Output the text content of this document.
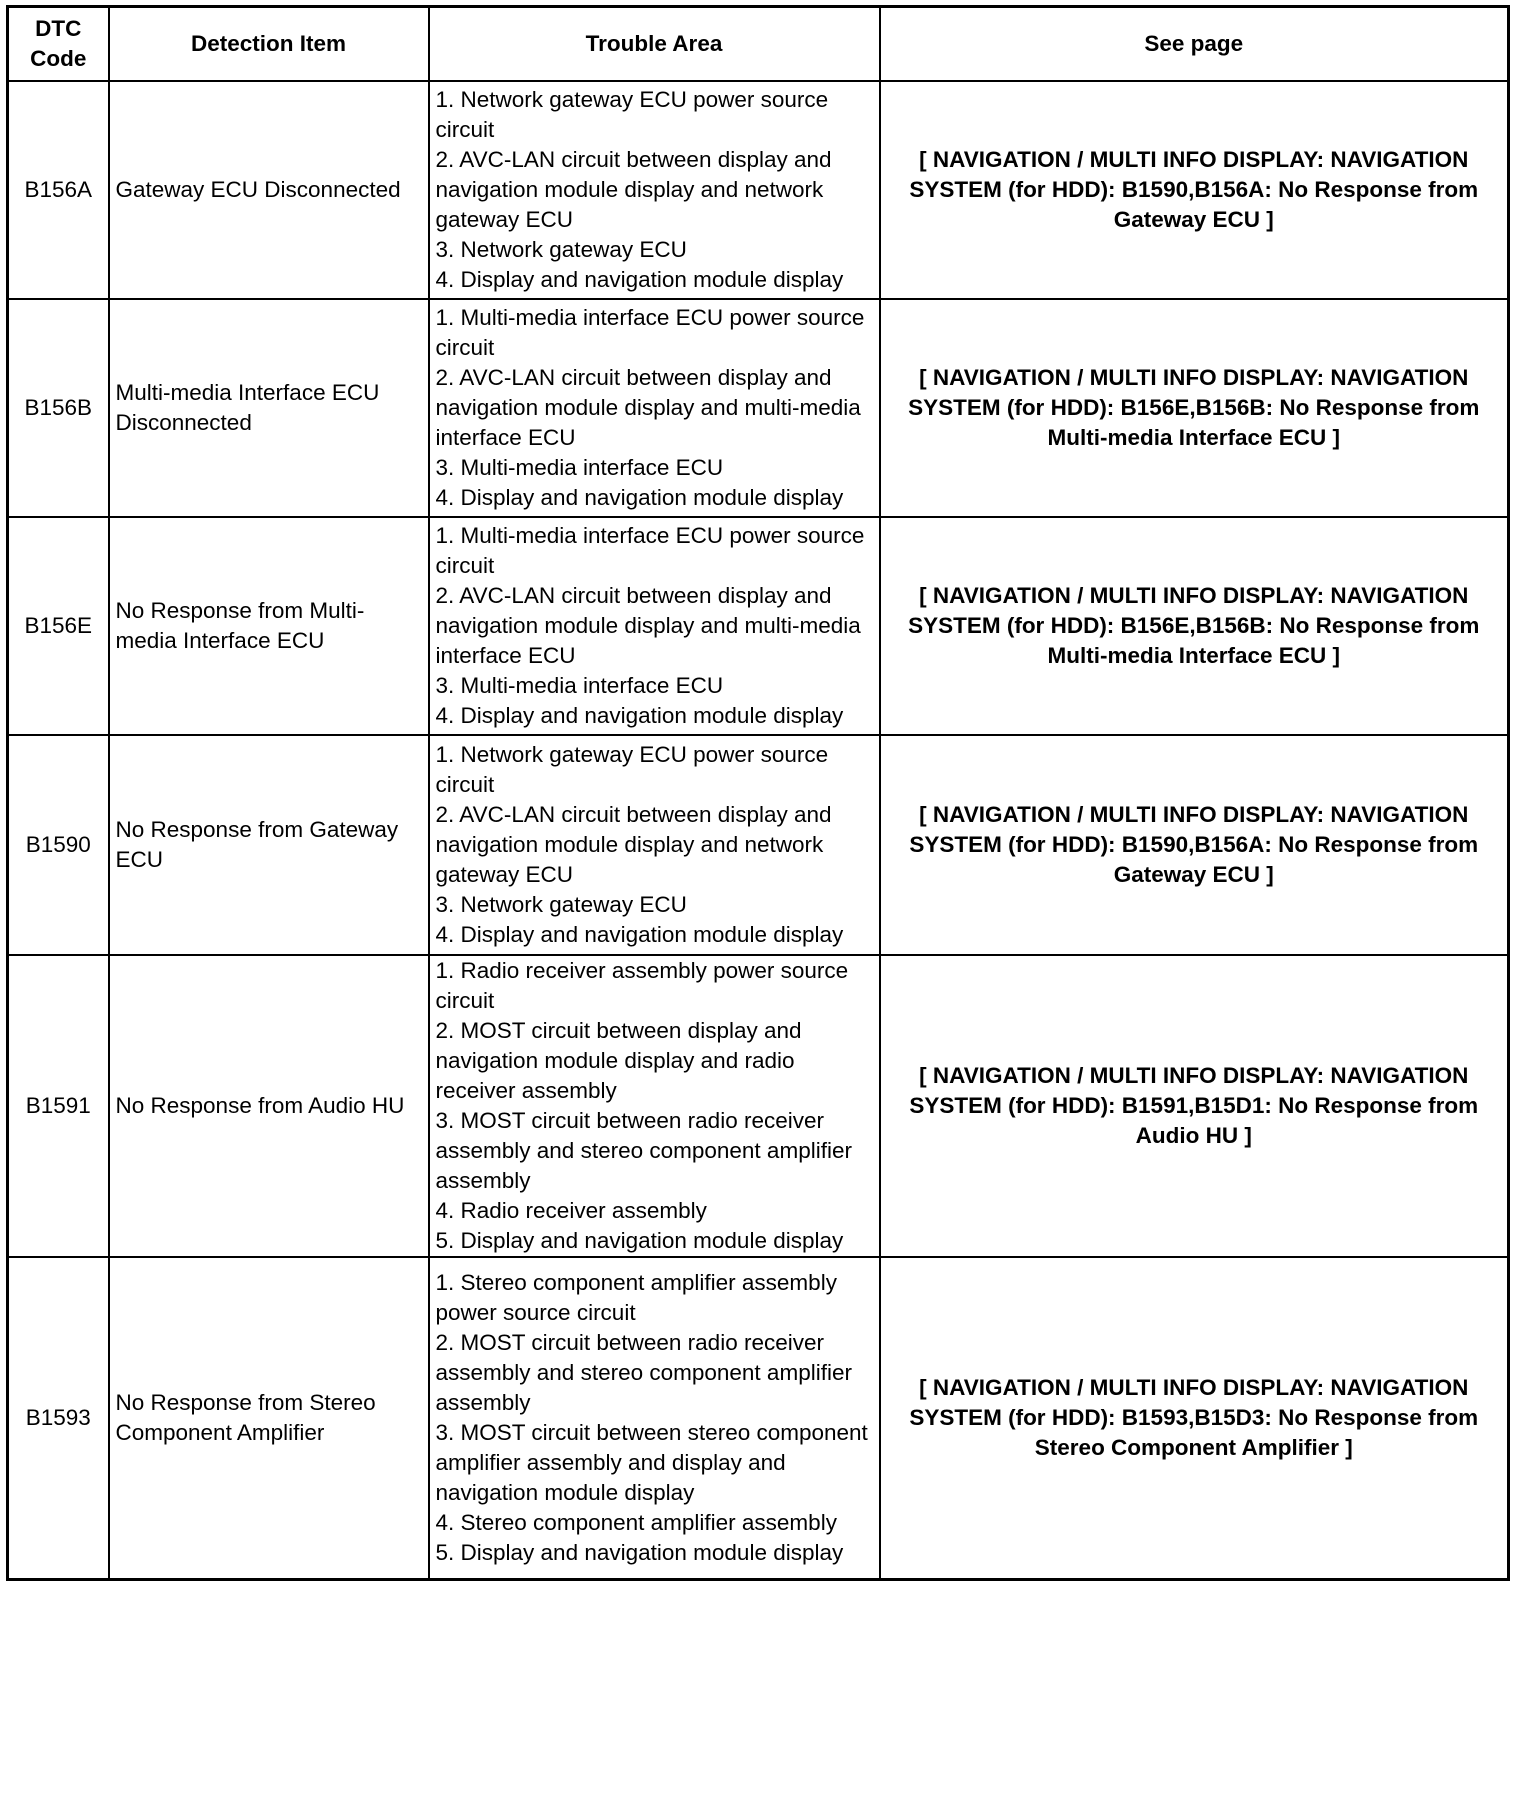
DTC
Code	Detection Item	Trouble Area	See page
B156A	Gateway ECU Disconnected	1. Network gateway ECU power source circuit
2. AVC-LAN circuit between display and navigation module display and network gateway ECU
3. Network gateway ECU
4. Display and navigation module display	[ NAVIGATION / MULTI INFO DISPLAY: NAVIGATION SYSTEM (for HDD): B1590,B156A: No Response from Gateway ECU ]
B156B	Multi-media Interface ECU Disconnected	1. Multi-media interface ECU power source circuit
2. AVC-LAN circuit between display and navigation module display and multi-media interface ECU
3. Multi-media interface ECU
4. Display and navigation module display	[ NAVIGATION / MULTI INFO DISPLAY: NAVIGATION SYSTEM (for HDD): B156E,B156B: No Response from Multi-media Interface ECU ]
B156E	No Response from Multi-media Interface ECU	1. Multi-media interface ECU power source circuit
2. AVC-LAN circuit between display and navigation module display and multi-media interface ECU
3. Multi-media interface ECU
4. Display and navigation module display	[ NAVIGATION / MULTI INFO DISPLAY: NAVIGATION SYSTEM (for HDD): B156E,B156B: No Response from Multi-media Interface ECU ]
B1590	No Response from Gateway ECU	1. Network gateway ECU power source circuit
2. AVC-LAN circuit between display and navigation module display and network gateway ECU
3. Network gateway ECU
4. Display and navigation module display	[ NAVIGATION / MULTI INFO DISPLAY: NAVIGATION SYSTEM (for HDD): B1590,B156A: No Response from Gateway ECU ]
B1591	No Response from Audio HU	1. Radio receiver assembly power source circuit
2. MOST circuit between display and navigation module display and radio receiver assembly
3. MOST circuit between radio receiver assembly and stereo component amplifier assembly
4. Radio receiver assembly
5. Display and navigation module display	[ NAVIGATION / MULTI INFO DISPLAY: NAVIGATION SYSTEM (for HDD): B1591,B15D1: No Response from Audio HU ]
B1593	No Response from Stereo Component Amplifier	1. Stereo component amplifier assembly power source circuit
2. MOST circuit between radio receiver assembly and stereo component amplifier assembly
3. MOST circuit between stereo component amplifier assembly and display and navigation module display
4. Stereo component amplifier assembly
5. Display and navigation module display	[ NAVIGATION / MULTI INFO DISPLAY: NAVIGATION SYSTEM (for HDD): B1593,B15D3: No Response from Stereo Component Amplifier ]
